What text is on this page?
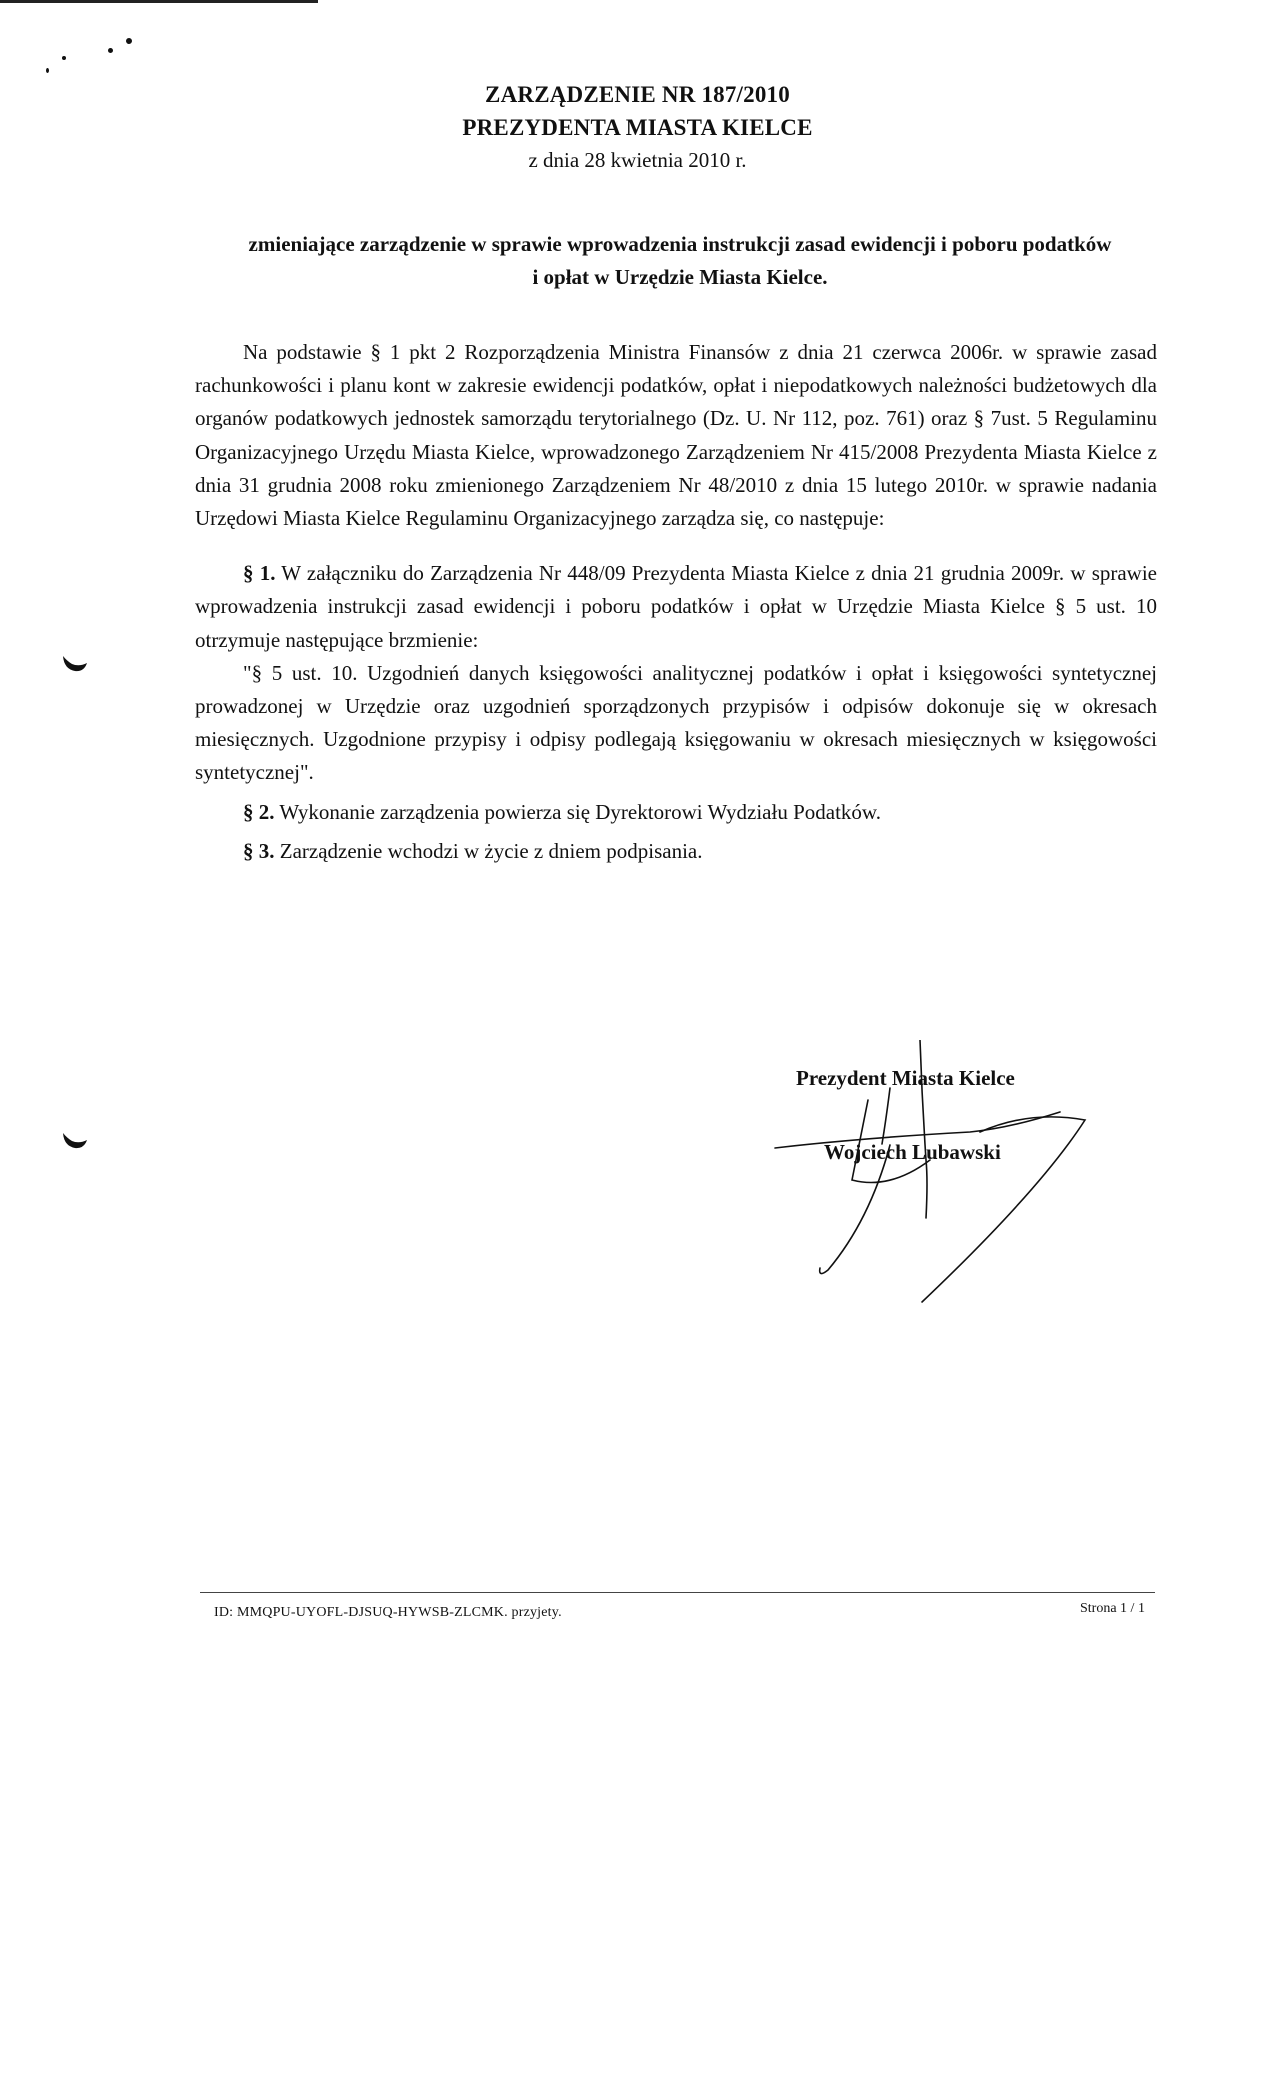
ZARZĄDZENIE NR 187/2010
PREZYDENTA MIASTA KIELCE
z dnia 28 kwietnia 2010 r.
zmieniające zarządzenie w sprawie wprowadzenia instrukcji zasad ewidencji i poboru podatków
i opłat w Urzędzie Miasta Kielce.

Na podstawie § 1 pkt 2 Rozporządzenia Ministra Finansów z dnia 21 czerwca 2006r. w sprawie zasad rachunkowości i planu kont w zakresie ewidencji podatków, opłat i niepodatkowych należności budżetowych dla organów podatkowych jednostek samorządu terytorialnego (Dz. U. Nr 112, poz. 761) oraz § 7ust. 5 Regulaminu Organizacyjnego Urzędu Miasta Kielce, wprowadzonego Zarządzeniem Nr 415/2008 Prezydenta Miasta Kielce z dnia 31 grudnia 2008 roku zmienionego Zarządzeniem Nr 48/2010 z dnia 15 lutego 2010r. w sprawie nadania Urzędowi Miasta Kielce Regulaminu Organizacyjnego zarządza się, co następuje:

§ 1. W załączniku do Zarządzenia Nr 448/09 Prezydenta Miasta Kielce z dnia 21 grudnia 2009r. w sprawie wprowadzenia instrukcji zasad ewidencji i poboru podatków i opłat w Urzędzie Miasta Kielce § 5 ust. 10 otrzymuje następujące brzmienie:

"§ 5 ust. 10. Uzgodnień danych księgowości analitycznej podatków i opłat i księgowości syntetycznej prowadzonej w Urzędzie oraz uzgodnień sporządzonych przypisów i odpisów dokonuje się w okresach miesięcznych. Uzgodnione przypisy i odpisy podlegają księgowaniu w okresach miesięcznych w księgowości syntetycznej".

§ 2. Wykonanie zarządzenia powierza się Dyrektorowi Wydziału Podatków.

§ 3. Zarządzenie wchodzi w życie z dniem podpisania.

Prezydent Miasta Kielce
Wojciech Lubawski
ID: MMQPU-UYOFL-DJSUQ-HYWSB-ZLCMK. przyjety.	Strona 1 / 1
